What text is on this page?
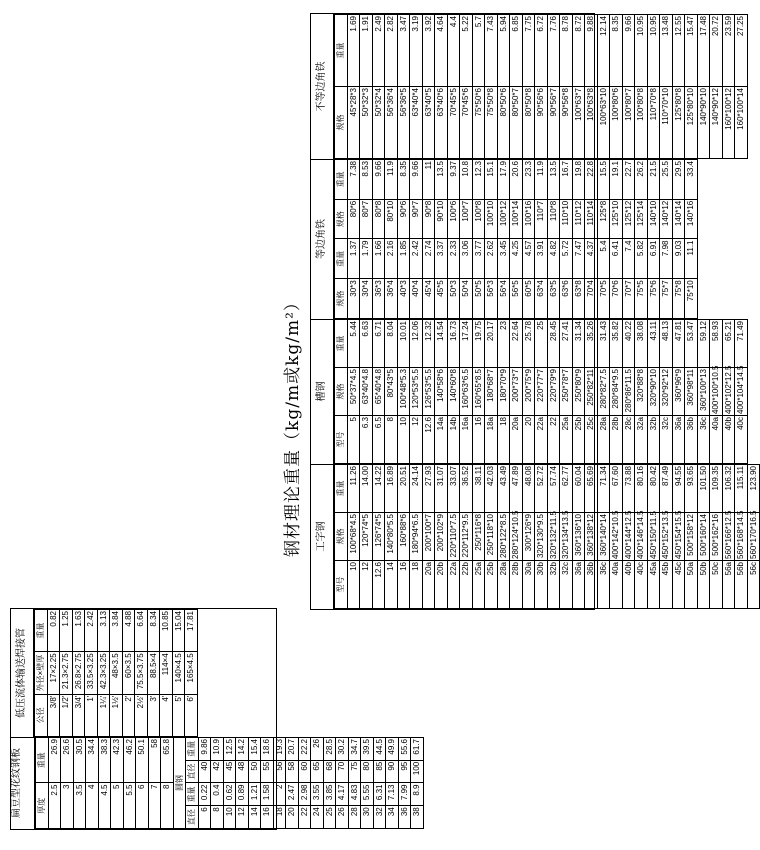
钢材理论重量（kg/m或kg/m²）
扁豆型花纹钢板	厚度		重量	
2.5		26.9	
3		26.6	
3.5		30.5	
4		34.4	
4.5		38.3	
5		42.3	
5.5		46.2	
6		50.1	
7		58	
8		65.8	
圆钢			
直径	重量	直径	重量
6	0.22	40	9.86
8	0.4	42	10.9
10	0.62	45	12.5
12	0.89	48	14.2
14	1.21	50	15.4
16	1.58	55	18.6
18	2	56	19.3
20	2.47	58	20.7
22	2.98	60	22.2
24	3.55	65	26
25	3.85	68	28.5
26	4.17	70	30.2
28	4.83	75	34.7
30	5.55	80	39.5
32	6.31	85	44.5
34	7.13	90	49.9
36	7.99	95	55.6
38	8.9	100	61.7
低压流体输送焊接管	公径	外径×壁厚	重量
3/8'	17×2.25	0.82
1/2'	21.3×2.75	1.25
3/4'	26.8×2.75	1.63
1'	33.5×3.25	2.42
1¼'	42.3×3.25	3.13
1½'	48×3.5	3.84
2'	60×3.5	4.88
2½'	75.5×3.75	6.64
3'	88.5×4	8.34
4'	114×4	10.85
5'	140×4.5	15.04
6'	165×4.5	17.81
工字钢
型号	规格	重量
10	100*68*4.5	11.26
12	120*74*5	14.00
12.6	126*74*5	14.22
14	140*80*5.5	16.89
16	160*88*6	20.51
18	180*94*6.5	24.14
20a	200*100*7	27.93
20b	200*102*9	31.07
22a	220*110*7.5	33.07
22b	220*112*9.5	36.52
25a	250*116*8	38.11
25b	250*118*10	42.03
28a	280*122*8.5	43.49
28b	280*124*10.5	47.89
30a	300*126*9	48.08
30b	320*130*9.5	52.72
32b	320*132*11.5	57.74
32c	320*134*13.5	62.77
36a	360*136*10	60.04
36b	360*138*12	65.69
36c	360*140*14	71.34
40a	400*142*10.5	67.60
40b	400*144*12.5	73.88
40c	400*146*14.5	80.16
45a	450*150*11.5	80.42
45b	450*152*13.5	87.49
45c	450*154*15.5	94.55
50a	500*158*12	93.65
50b	500*160*14	101.50
50c	500*162*16	109.35
56a	560*166*12.5	106.32
56b	560*168*14.5	115.11
56c	560*170*16.5	123.90
槽钢
型号	规格	重量
5	50*37*4.5	5.44
6.3	63*40*4.8	6.63
6.5	65*40*4.8	6.71
8	80*43*5	8.04
10	100*48*5.3	10.01
12	120*53*5.5	12.06
12.6	126*53*5.5	12.32
14a	140*58*6	14.54
14b	140*60*8	16.73
16a	160*63*6.5	17.24
16	160*65*8.5	19.75
18a	180*68*7	20.17
18	180*70*9	23
20a	200*73*7	22.64
20	200*75*9	25.78
22a	220*77*7	25
22	220*79*9	28.45
25a	250*78*7	27.41
25b	250*80*9	31.34
25c	250*82*11	35.26
28a	280*82*7.5	31.43
28b	280*84*9.5	35.82
28c	280*86*11.5	40.22
32a	320*88*8	38.08
32b	320*90*10	43.11
32c	320*92*12	48.13
36a	360*96*9	47.81
36b	360*98*11	53.47
36c	360*100*13	59.12
40a	400*100*10.5	58.93
40b	400*102*12.5	65.21
40c	400*104*14.5	71.49
等边角铁
规格	重量	规格	重量
30*3	1.37	80*6	7.38
30*4	1.79	80*7	8.53
36*3	1.66	80*8	9.66
36*4	2.16	80*10	11.9
40*3	1.85	90*6	8.35
40*4	2.42	90*7	9.66
45*4	2.74	90*8	11
45*5	3.37	90*10	13.5
50*3	2.33	100*6	9.37
50*4	3.06	100*7	10.8
50*5	3.77	100*8	12.3
56*3	2.62	100*10	15.1
56*4	3.45	100*12	17.9
56*5	4.25	100*14	20.6
60*5	4.57	100*16	23.3
63*4	3.91	110*7	11.9
63*5	4.82	110*8	13.5
63*6	5.72	110*10	16.7
63*8	7.47	110*12	19.8
70*4	4.37	110*14	22.8
70*5	5.4	125*8	15.5
70*6	6.41	125*10	19.1
70*7	7.4	125*12	22.7
75*5	5.82	125*14	26.2
75*6	6.91	140*10	21.5
75*7	7.98	140*12	25.5
75*8	9.03	140*14	29.5
75*10	11.1	140*16	33.4
不等边角铁
规格	重量
45*28*3	1.69
50*32*3	1.91
50*32*4	2.49
56*36*4	2.82
56*36*5	3.47
63*40*4	3.19
63*40*5	3.92
63*40*6	4.64
70*45*5	4.4
70*45*6	5.22
75*50*6	5.7
75*50*8	7.43
80*50*6	5.94
80*50*7	6.85
80*50*8	7.75
90*56*6	6.72
90*56*7	7.76
90*56*8	8.78
100*63*7	8.72
100*63*8	9.88
100*63*10	12.14
100*80*6	8.35
100*80*7	9.66
100*80*8	10.95
110*70*8	10.95
110*70*10	13.48
125*80*8	12.55
125*80*10	15.47
140*90*10	17.48
140*90*12	20.72
160*100*12	23.59
160*100*14	27.25
